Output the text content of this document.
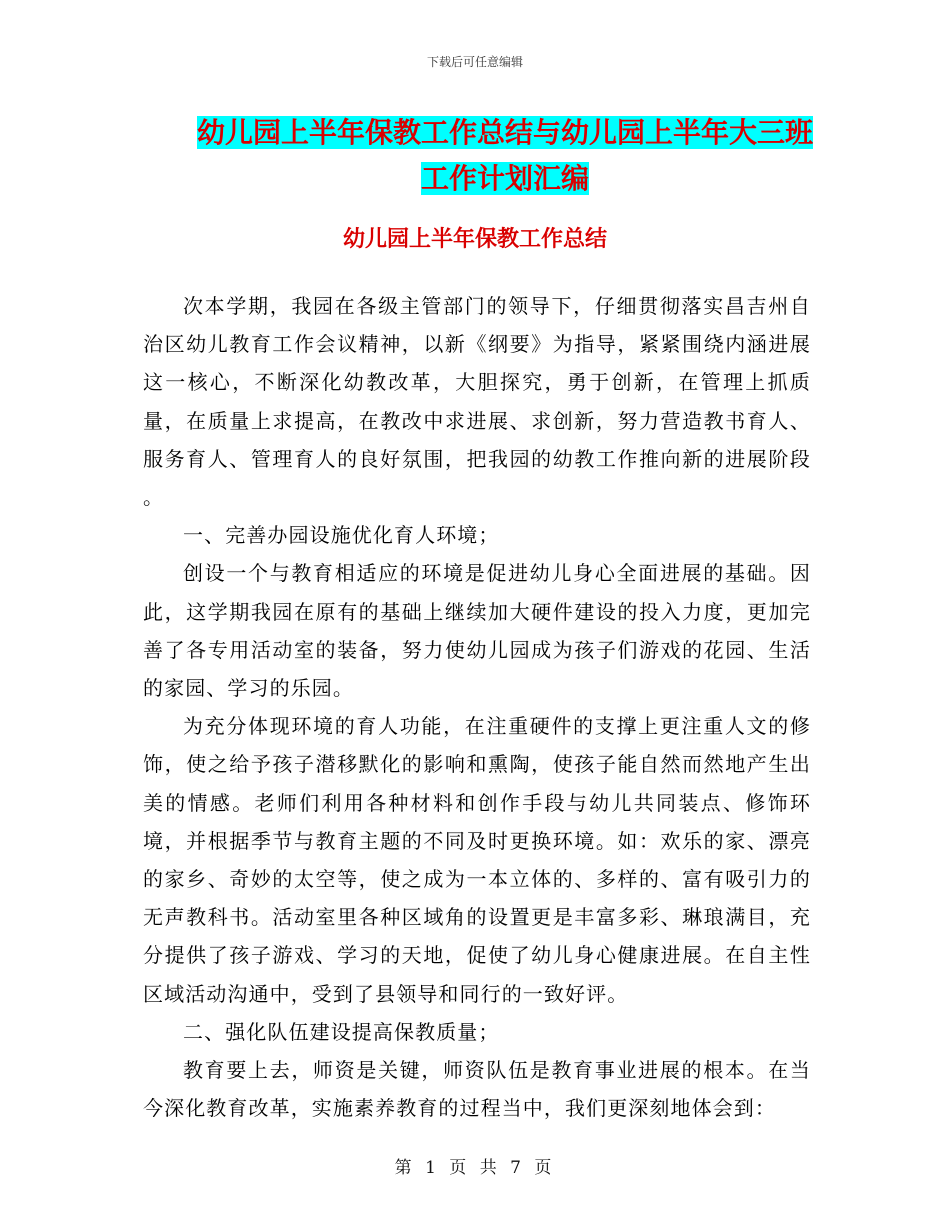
下载后可任意编辑
幼儿园上半年保教工作总结与幼儿园上半年大三班工作计划汇编
幼儿园上半年保教工作总结

次本学期，我园在各级主管部门的领导下，仔细贯彻落实昌吉州自治区幼儿教育工作会议精神，以新《纲要》为指导，紧紧围绕内涵进展这一核心，不断深化幼教改革，大胆探究，勇于创新，在管理上抓质量，在质量上求提高，在教改中求进展、求创新，努力营造教书育人、服务育人、管理育人的良好氛围，把我园的幼教工作推向新的进展阶段 。

一、完善办园设施优化育人环境；

创设一个与教育相适应的环境是促进幼儿身心全面进展的基础。因此，这学期我园在原有的基础上继续加大硬件建设的投入力度，更加完善了各专用活动室的装备，努力使幼儿园成为孩子们游戏的花园、生活的家园、学习的乐园。

为充分体现环境的育人功能，在注重硬件的支撑上更注重人文的修饰，使之给予孩子潜移默化的影响和熏陶，使孩子能自然而然地产生出美的情感。老师们利用各种材料和创作手段与幼儿共同装点、修饰环境，并根据季节与教育主题的不同及时更换环境。如：欢乐的家、漂亮的家乡、奇妙的太空等，使之成为一本立体的、多样的、富有吸引力的无声教科书。活动室里各种区域角的设置更是丰富多彩、琳琅满目，充分提供了孩子游戏、学习的天地，促使了幼儿身心健康进展。在自主性区域活动沟通中，受到了县领导和同行的一致好评。

二、强化队伍建设提高保教质量；

教育要上去，师资是关键，师资队伍是教育事业进展的根本。在当今深化教育改革，实施素养教育的过程当中，我们更深刻地体会到：

第 1 页 共 7 页
